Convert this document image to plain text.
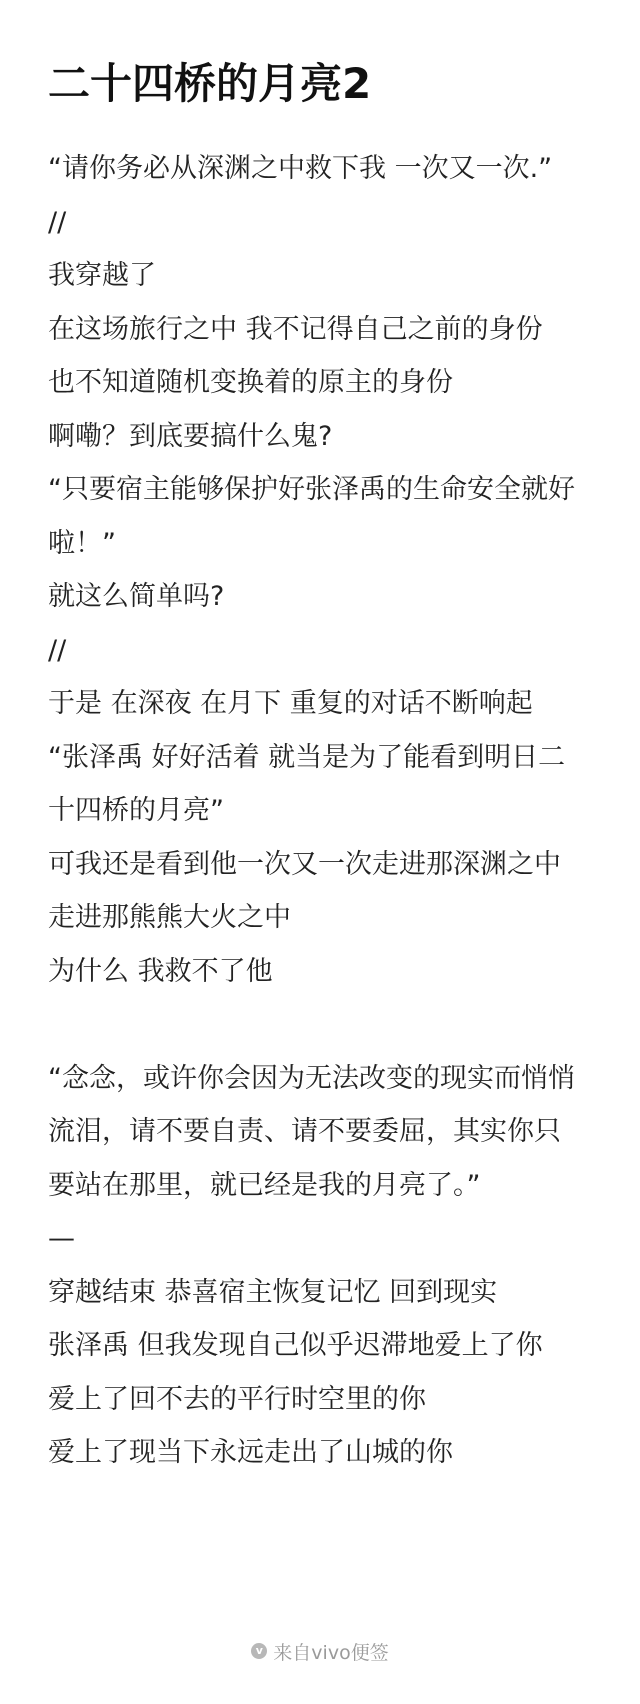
二十四桥的月亮2
“请你务必从深渊之中救下我 一次又一次.”
//
我穿越了
在这场旅行之中 我不记得自己之前的身份
也不知道随机变换着的原主的身份
啊嘞？到底要搞什么鬼?
“只要宿主能够保护好张泽禹的生命安全就好
啦！”
就这么简单吗?
//
于是 在深夜 在月下 重复的对话不断响起
“张泽禹 好好活着 就当是为了能看到明日二
十四桥的月亮”
可我还是看到他一次又一次走进那深渊之中
走进那熊熊大火之中
为什么 我救不了他
“念念，或许你会因为无法改变的现实而悄悄
流泪，请不要自责、请不要委屈，其实你只
要站在那里，就已经是我的月亮了。”
—
穿越结束 恭喜宿主恢复记忆 回到现实
张泽禹 但我发现自己似乎迟滞地爱上了你
爱上了回不去的平行时空里的你
爱上了现当下永远走出了山城的你
v 来自vivo便签
